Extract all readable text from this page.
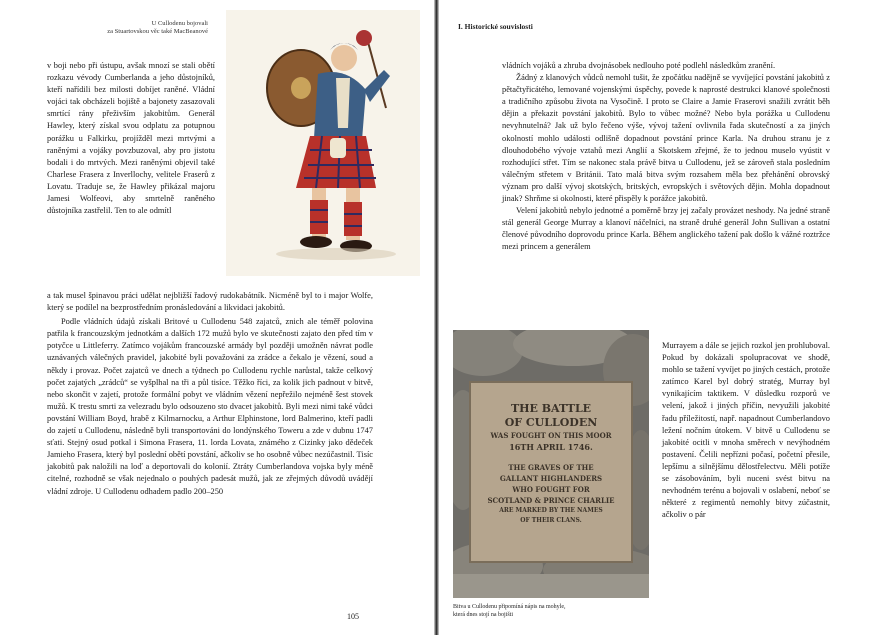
U Cullodenu bojovali
za Stuartovskou věc také MacBeanové

v boji nebo při ústupu, avšak mnozí se stali obětí rozkazu vévody Cumberlanda a jeho důstojníků, kteří nařídili bez milosti dobíjet raněné. Vládní vojáci tak obcházeli bojiště a bajonety zasazovali smrtící rány přeživším jakobitům. Generál Hawley, který získal svou odplatu za potupnou porážku u Falkirku, projížděl mezi mrtvými a raněnými a vojáky povzbuzoval, aby pro jistotu bodali i do mrtvých. Mezi raněnými objevil také Charlese Frasera z Inverllochy, velitele Fraserů z Lovatu. Traduje se, že Hawley přikázal majoru Jamesi Wolfeovi, aby smrtelně raněného důstojníka zastřelil. Ten to ale odmítl

a tak musel špinavou práci udělat nejbližší řadový rudokabátník. Nicméně byl to i major Wolfe, který se podílel na bezprostředním pronásledování a likvidaci jakobitů.

Podle vládních údajů získali Britové u Cullodenu 548 zajatců, znich ale téměř polovina patřila k francouzským jednotkám a dalších 172 mužů bylo ve skutečnosti zajato den před tím v potyčce u Littleferry. Zatímco vojákům francouzské armády byl později umožněn návrat podle uznávaných válečných pravidel, jakobité byli považováni za zrádce a čekalo je vězení, soud a někdy i provaz. Počet zajatců ve dnech a týdnech po Cullodenu rychle narůstal, takže celkový počet zajatých „zrádců“ se vyšplhal na tři a půl tisíce. Těžko říci, za kolik jich padnout v bitvě, nebo skončit v zajetí, protože formální pobyt ve vládním vězení nepřežilo nejméně šest stovek mužů. K trestu smrti za velezradu bylo odsouzeno sto dvacet jakobitů. Byli mezi nimi také vůdci povstání William Boyd, hrabě z Kilmarnocku, a Arthur Elphinstone, lord Balmerino, kteří padli do zajetí u Cullodenu, následně byli transportováni do londýnského Toweru a zde v dubnu 1747 sťati. Stejný osud potkal i Simona Frasera, 11. lorda Lovata, známého z Cizinky jako dědeček Jamieho Frasera, který byl poslední obětí povstání, ačkoliv se ho osobně vůbec nezúčastnil. Tisíc jakobitů pak naložili na loď a deportovali do kolonií. Ztráty Cumberlandova vojska byly méně citelné, rozhodně se však nejednalo o pouhých padesát mužů, jak ze zřejmých důvodů uvádějí vládní zdroje. U Cullodenu odhadem padlo 200–250

105
I. Historické souvislosti

vládních vojáků a zhruba dvojnásobek nedlouho poté podlehl následkům zranění.

Žádný z klanových vůdců nemohl tušit, že zpočátku nadějně se vyvíjející povstání jakobitů z pětačtyřicátého, lemované vojenskými úspěchy, povede k naprosté destrukci klanové společnosti a tradičního způsobu života na Vysočině. I proto se Claire a Jamie Fraserovi snažili zvrátit běh dějin a překazit povstání jakobitů. Bylo to vůbec možné? Nebo byla porážka u Cullodenu nevyhnutelná? Jak už bylo řečeno výše, vývoj tažení ovlivnila řada skutečností a za jiných okolností mohlo události odlišně dopadnout povstání prince Karla. Na druhou stranu je z dlouhodobého vývoje vztahů mezi Anglií a Skotskem zřejmé, že to jednou muselo vyústit v rozhodující střet. Tím se nakonec stala právě bitva u Cullodenu, jež se zároveň stala posledním válečným střetem v Británii. Tato malá bitva svým rozsahem měla bez přehánění obrovský význam pro další vývoj skotských, britských, evropských i světových dějin. Mohla dopadnout jinak? Shrňme si okolnosti, které přispěly k porážce jakobitů.

Velení jakobitů nebylo jednotné a poměrně brzy jej začaly provázet neshody. Na jedné straně stál generál George Murray a klanoví náčelníci, na straně druhé generál John Sullivan a ostatní členové původního doprovodu prince Karla. Během anglického tažení pak došlo k vážné roztržce mezi princem a generálem

THE BATTLE
OF CULLODEN
WAS FOUGHT ON THIS MOOR
16TH APRIL 1746.
THE GRAVES OF THE
GALLANT HIGHLANDERS
WHO FOUGHT FOR
SCOTLAND & PRINCE CHARLIE
ARE MARKED BY THE NAMES
OF THEIR CLANS.
Bitva u Cullodenu připomíná nápis na mohyle,
která dnes stojí na bojišti

Murrayem a dále se jejich rozkol jen prohluboval. Pokud by dokázali spolupracovat ve shodě, mohlo se tažení vyvíjet po jiných cestách, protože zatímco Karel byl dobrý stratég, Murray byl vynikajícím taktikem. V důsledku rozporů ve velení, jakož i jiných příčin, nevyužili jakobité řadu příležitostí, např. napadnout Cumberlandovo ležení nočním útokem. V bitvě u Cullodenu se jakobité ocitli v mnoha směrech v nevýhodném postavení. Čelili nepřízni počasí, početní přesile, lepšímu a silnějšímu dělostřelectvu. Měli potíže se zásobováním, byli nuceni svést bitvu na nevhodném terénu a bojovali v oslabení, neboť se některé z regimentů nemohly bitvy zúčastnit, ačkoliv o pár
